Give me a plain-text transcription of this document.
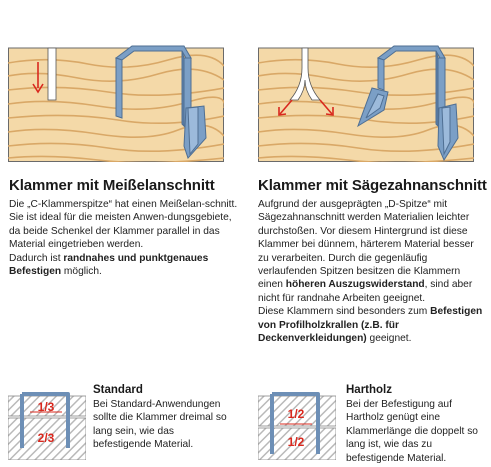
Klammer mit Meißelanschnitt

Die „C-Klammerspitze“ hat einen Meißelan-schnitt. Sie ist ideal für die meisten Anwen-dungsgebiete, da beide Schenkel der Klammer parallel in das Material eingetrieben werden.

Dadurch ist randnahes und punktgenaues Befestigen möglich.

Klammer mit Sägezahnanschnitt

Aufgrund der ausgeprägten „D-Spitze“ mit Sägezahnanschnitt werden Materialien leichter durchstoßen. Vor diesem Hintergrund ist diese Klammer bei dünnem, härterem Material besser zu verarbeiten. Durch die gegenläufig verlaufenden Spitzen besitzen die Klammern einen höheren Auszugswiderstand, sind aber nicht für randnahe Arbeiten geeignet.

Diese Klammern sind besonders zum Befestigen von Profilholzkrallen (z.B. für Deckenverkleidungen) geeignet.

1/3
2/3
Standard
Bei Standard-Anwendungen sollte die Klammer dreimal so lang sein, wie das befestigende Material.
1/2
1/2
Hartholz
Bei der Befestigung auf Hartholz genügt eine Klammerlänge die doppelt so lang ist, wie das zu befestigende Material.
